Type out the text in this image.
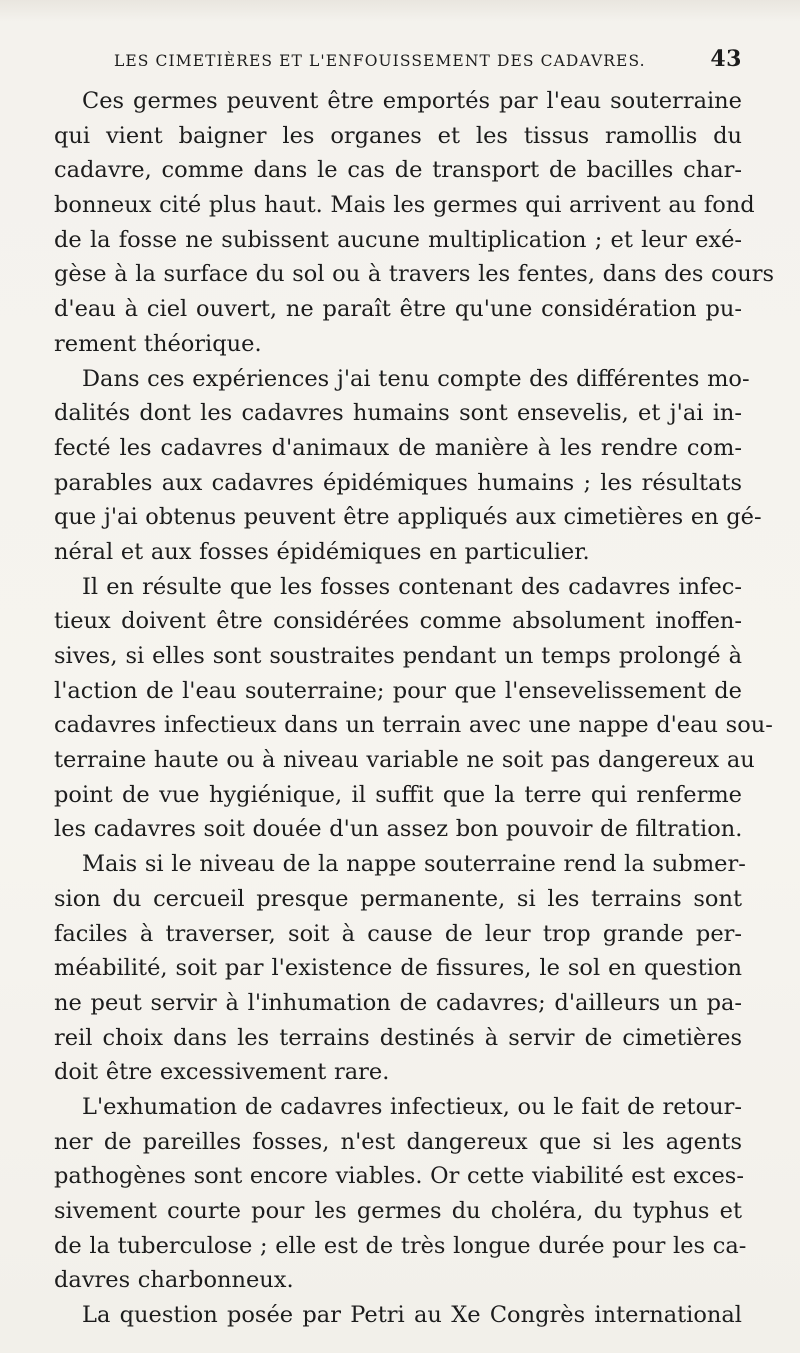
LES CIMETIÈRES ET L'ENFOUISSEMENT DES CADAVRES.	43
Ces germes peuvent être emportés par l'eau souterraine
qui vient baigner les organes et les tissus ramollis du
cadavre, comme dans le cas de transport de bacilles char-
bonneux cité plus haut. Mais les germes qui arrivent au fond
de la fosse ne subissent aucune multiplication ; et leur exé-
gèse à la surface du sol ou à travers les fentes, dans des cours
d'eau à ciel ouvert, ne paraît être qu'une considération pu-
rement théorique.
Dans ces expériences j'ai tenu compte des différentes mo-
dalités dont les cadavres humains sont ensevelis, et j'ai in-
fecté les cadavres d'animaux de manière à les rendre com-
parables aux cadavres épidémiques humains ; les résultats
que j'ai obtenus peuvent être appliqués aux cimetières en gé-
néral et aux fosses épidémiques en particulier.
Il en résulte que les fosses contenant des cadavres infec-
tieux doivent être considérées comme absolument inoffen-
sives, si elles sont soustraites pendant un temps prolongé à
l'action de l'eau souterraine; pour que l'ensevelissement de
cadavres infectieux dans un terrain avec une nappe d'eau sou-
terraine haute ou à niveau variable ne soit pas dangereux au
point de vue hygiénique, il suffit que la terre qui renferme
les cadavres soit douée d'un assez bon pouvoir de filtration.
Mais si le niveau de la nappe souterraine rend la submer-
sion du cercueil presque permanente, si les terrains sont
faciles à traverser, soit à cause de leur trop grande per-
méabilité, soit par l'existence de fissures, le sol en question
ne peut servir à l'inhumation de cadavres; d'ailleurs un pa-
reil choix dans les terrains destinés à servir de cimetières
doit être excessivement rare.
L'exhumation de cadavres infectieux, ou le fait de retour-
ner de pareilles fosses, n'est dangereux que si les agents
pathogènes sont encore viables. Or cette viabilité est exces-
sivement courte pour les germes du choléra, du typhus et
de la tuberculose ; elle est de très longue durée pour les ca-
davres charbonneux.
La question posée par Petri au Xe Congrès international
